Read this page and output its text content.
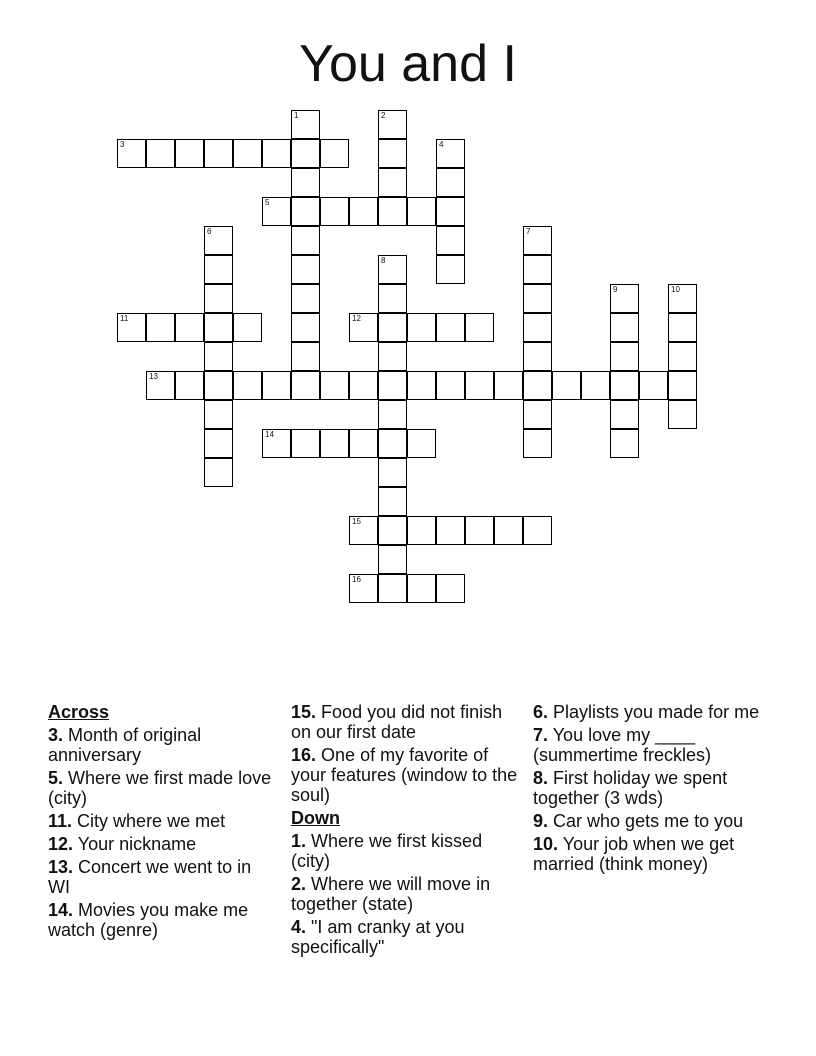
You and I
1	2
3	4
5
6	7
8
9	10
11	12
13
14
15
16
Across
3. Month of original anniversary
5. Where we first made love (city)
11. City where we met
12. Your nickname
13. Concert we went to in WI
14. Movies you make me watch (genre)
15. Food you did not finish on our first date
16. One of my favorite of your features (window to the soul)
Down
1. Where we first kissed (city)
2. Where we will move in together (state)
4. "I am cranky at you specifically"
6. Playlists you made for me
7. You love my ____ (summertime freckles)
8. First holiday we spent together (3 wds)
9. Car who gets me to you
10. Your job when we get married (think money)
